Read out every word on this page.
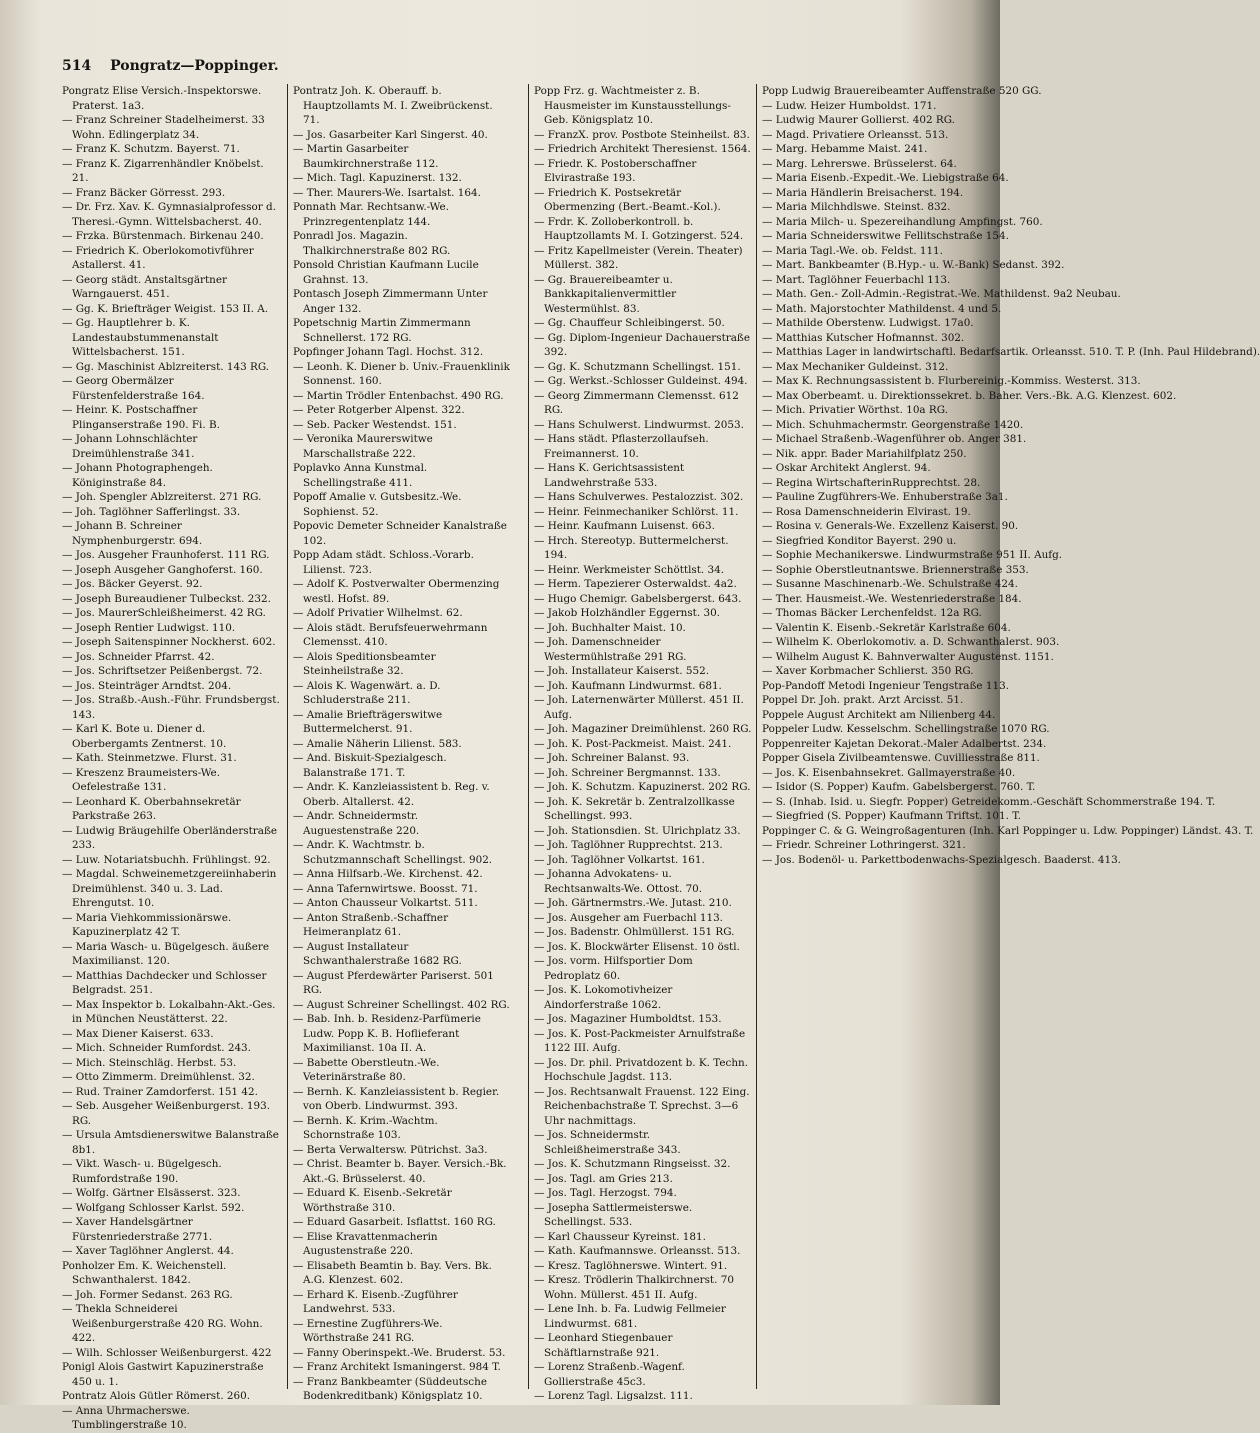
514 Pongratz—Poppinger.
Pongratz Elise Versich.-Inspektorswe. Praterst. 1a3.
— Franz Schreiner Stadelheimerst. 33 Wohn. Edlingerplatz 34.
— Franz K. Schutzm. Bayerst. 71.
— Franz K. Zigarrenhändler Knöbelst. 21.
— Franz Bäcker Görresst. 293.
— Dr. Frz. Xav. K. Gymnasialprofessor d. Theresi.-Gymn. Wittelsbacherst. 40.
— Frzka. Bürstenmach. Birkenau 240.
— Friedrich K. Oberlokomotivführer Astallerst. 41.
— Georg städt. Anstaltsgärtner Warngauerst. 451.
— Gg. K. Briefträger Weigist. 153 II. A.
— Gg. Hauptlehrer b. K. Landestaubstummenanstalt Wittelsbacherst. 151.
— Gg. Maschinist Ablzreiterst. 143 RG.
— Georg Obermälzer Fürstenfelderstraße 164.
— Heinr. K. Postschaffner Plinganserstraße 190. Fi. B.
— Johann Lohnschlächter Dreimühlenstraße 341.
— Johann Photographengeh. Königinstraße 84.
— Joh. Spengler Ablzreiterst. 271 RG.
— Joh. Taglöhner Safferlingst. 33.
— Johann B. Schreiner Nymphenburgerstr. 694.
— Jos. Ausgeher Fraunhoferst. 111 RG.
— Joseph Ausgeher Ganghoferst. 160.
— Jos. Bäcker Geyerst. 92.
— Joseph Bureaudiener Tulbeckst. 232.
— Jos. MaurerSchleißheimerst. 42 RG.
— Joseph Rentier Ludwigst. 110.
— Joseph Saitenspinner Nockherst. 602.
— Jos. Schneider Pfarrst. 42.
— Jos. Schriftsetzer Peißenbergst. 72.
— Jos. Steinträger Arndtst. 204.
— Jos. Straßb.-Aush.-Führ. Frundsbergst. 143.
— Karl K. Bote u. Diener d. Oberbergamts Zentnerst. 10.
— Kath. Steinmetzwe. Flurst. 31.
— Kreszenz Braumeisters-We. Oefelestraße 131.
— Leonhard K. Oberbahnsekretär Parkstraße 263.
— Ludwig Bräugehilfe Oberländerstraße 233.
— Luw. Notariatsbuchh. Frühlingst. 92.
— Magdal. Schweinemetzgereiinhaberin Dreimühlenst. 340 u. 3. Lad. Ehrengutst. 10.
— Maria Viehkommissionärswe. Kapuzinerplatz 42 T.
— Maria Wasch- u. Bügelgesch. äußere Maximilianst. 120.
— Matthias Dachdecker und Schlosser Belgradst. 251.
— Max Inspektor b. Lokalbahn-Akt.-Ges. in München Neustätterst. 22.
— Max Diener Kaiserst. 633.
— Mich. Schneider Rumfordst. 243.
— Mich. Steinschläg. Herbst. 53.
— Otto Zimmerm. Dreimühlenst. 32.
— Rud. Trainer Zamdorferst. 151 42.
— Seb. Ausgeher Weißenburgerst. 193. RG.
— Ursula Amtsdienerswitwe Balanstraße 8b1.
— Vikt. Wasch- u. Bügelgesch. Rumfordstraße 190.
— Wolfg. Gärtner Elsässerst. 323.
— Wolfgang Schlosser Karlst. 592.
— Xaver Handelsgärtner Fürstenriederstraße 2771.
— Xaver Taglöhner Anglerst. 44.
Ponholzer Em. K. Weichenstell. Schwanthalerst. 1842.
— Joh. Former Sedanst. 263 RG.
— Thekla Schneiderei Weißenburgerstraße 420 RG. Wohn. 422.
— Wilh. Schlosser Weißenburgerst. 422
Ponigl Alois Gastwirt Kapuzinerstraße 450 u. 1.
Pontratz Alois Gütler Römerst. 260.
— Anna Uhrmacherswe. Tumblingerstraße 10.
Pontratz Joh. K. Oberauff. b. Hauptzollamts M. I. Zweibrückenst. 71.
— Jos. Gasarbeiter Karl Singerst. 40.
— Martin Gasarbeiter Baumkirchnerstraße 112.
— Mich. Tagl. Kapuzinerst. 132.
— Ther. Maurers-We. Isartalst. 164.
Ponnath Mar. Rechtsanw.-We. Prinzregentenplatz 144.
Ponradl Jos. Magazin. Thalkirchnerstraße 802 RG.
Ponsold Christian Kaufmann Lucile Grahnst. 13.
Pontasch Joseph Zimmermann Unter Anger 132.
Popetschnig Martin Zimmermann Schnellerst. 172 RG.
Popfinger Johann Tagl. Hochst. 312.
— Leonh. K. Diener b. Univ.-Frauenklinik Sonnenst. 160.
— Martin Trödler Entenbachst. 490 RG.
— Peter Rotgerber Alpenst. 322.
— Seb. Packer Westendst. 151.
— Veronika Maurerswitwe Marschallstraße 222.
Poplavko Anna Kunstmal. Schellingstraße 411.
Popoff Amalie v. Gutsbesitz.-We. Sophienst. 52.
Popovic Demeter Schneider Kanalstraße 102.
Popp Adam städt. Schloss.-Vorarb. Lilienst. 723.
— Adolf K. Postverwalter Obermenzing westl. Hofst. 89.
— Adolf Privatier Wilhelmst. 62.
— Alois städt. Berufsfeuerwehrmann Clemensst. 410.
— Alois Speditionsbeamter Steinheilstraße 32.
— Alois K. Wagenwärt. a. D. Schluderstraße 211.
— Amalie Briefträgerswitwe Buttermelcherst. 91.
— Amalie Näherin Lilienst. 583.
— And. Biskuit-Spezialgesch. Balanstraße 171. T.
— Andr. K. Kanzleiassistent b. Reg. v. Oberb. Altallerst. 42.
— Andr. Schneidermstr. Auguestenstraße 220.
— Andr. K. Wachtmstr. b. Schutzmannschaft Schellingst. 902.
— Anna Hilfsarb.-We. Kirchenst. 42.
— Anna Tafernwirtswe. Boosst. 71.
— Anton Chausseur Volkartst. 511.
— Anton Straßenb.-Schaffner Heimeranplatz 61.
— August Installateur Schwanthalerstraße 1682 RG.
— August Pferdewärter Pariserst. 501 RG.
— August Schreiner Schellingst. 402 RG.
— Bab. Inh. b. Residenz-Parfümerie Ludw. Popp K. B. Hoflieferant Maximilianst. 10a II. A.
— Babette Oberstleutn.-We. Veterinärstraße 80.
— Bernh. K. Kanzleiassistent b. Regier. von Oberb. Lindwurmst. 393.
— Bernh. K. Krim.-Wachtm. Schornstraße 103.
— Berta Verwaltersw. Pütrichst. 3a3.
— Christ. Beamter b. Bayer. Versich.-Bk. Akt.-G. Brüsselerst. 40.
— Eduard K. Eisenb.-Sekretär Wörthstraße 310.
— Eduard Gasarbeit. Isflattst. 160 RG.
— Elise Kravattenmacherin Augustenstraße 220.
— Elisabeth Beamtin b. Bay. Vers. Bk. A.G. Klenzest. 602.
— Erhard K. Eisenb.-Zugführer Landwehrst. 533.
— Ernestine Zugführers-We. Wörthstraße 241 RG.
— Fanny Oberinspekt.-We. Bruderst. 53.
— Franz Architekt Ismaningerst. 984 T.
— Franz Bankbeamter (Süddeutsche Bodenkreditbank) Königsplatz 10.
Popp Frz. g. Wachtmeister z. B. Hausmeister im Kunstausstellungs-Geb. Königsplatz 10.
— FranzX. prov. Postbote Steinheilst. 83.
— Friedrich Architekt Theresienst. 1564.
— Friedr. K. Postoberschaffner Elvirastraße 193.
— Friedrich K. Postsekretär Obermenzing (Bert.-Beamt.-Kol.).
— Frdr. K. Zolloberkontroll. b. Hauptzollamts M. I. Gotzingerst. 524.
— Fritz Kapellmeister (Verein. Theater) Müllerst. 382.
— Gg. Brauereibeamter u. Bankkapitalienvermittler Westermühlst. 83.
— Gg. Chauffeur Schleibingerst. 50.
— Gg. Diplom-Ingenieur Dachauerstraße 392.
— Gg. K. Schutzmann Schellingst. 151.
— Gg. Werkst.-Schlosser Guldeinst. 494.
— Georg Zimmermann Clemensst. 612 RG.
— Hans Schulwerst. Lindwurmst. 2053.
— Hans städt. Pflasterzollaufseh. Freimannerst. 10.
— Hans K. Gerichtsassistent Landwehrstraße 533.
— Hans Schulverwes. Pestalozzist. 302.
— Heinr. Feinmechaniker Schlörst. 11.
— Heinr. Kaufmann Luisenst. 663.
— Hrch. Stereotyp. Buttermelcherst. 194.
— Heinr. Werkmeister Schöttlst. 34.
— Herm. Tapezierer Osterwaldst. 4a2.
— Hugo Chemigr. Gabelsbergerst. 643.
— Jakob Holzhändler Eggernst. 30.
— Joh. Buchhalter Maist. 10.
— Joh. Damenschneider Westermühlstraße 291 RG.
— Joh. Installateur Kaiserst. 552.
— Joh. Kaufmann Lindwurmst. 681.
— Joh. Laternenwärter Müllerst. 451 II. Aufg.
— Joh. Magaziner Dreimühlenst. 260 RG.
— Joh. K. Post-Packmeist. Maist. 241.
— Joh. Schreiner Balanst. 93.
— Joh. Schreiner Bergmannst. 133.
— Joh. K. Schutzm. Kapuzinerst. 202 RG.
— Joh. K. Sekretär b. Zentralzollkasse Schellingst. 993.
— Joh. Stationsdien. St. Ulrichplatz 33.
— Joh. Taglöhner Rupprechtst. 213.
— Joh. Taglöhner Volkartst. 161.
— Johanna Advokatens- u. Rechtsanwalts-We. Ottost. 70.
— Joh. Gärtnermstrs.-We. Jutast. 210.
— Jos. Ausgeher am Fuerbachl 113.
— Jos. Badenstr. Ohlmüllerst. 151 RG.
— Jos. K. Blockwärter Elisenst. 10 östl.
— Jos. vorm. Hilfsportier Dom Pedroplatz 60.
— Jos. K. Lokomotivheizer Aindorferstraße 1062.
— Jos. Magaziner Humboldtst. 153.
— Jos. K. Post-Packmeister Arnulfstraße 1122 III. Aufg.
— Jos. Dr. phil. Privatdozent b. K. Techn. Hochschule Jagdst. 113.
— Jos. Rechtsanwalt Frauenst. 122 Eing. Reichenbachstraße T. Sprechst. 3—6 Uhr nachmittags.
— Jos. Schneidermstr. Schleißheimerstraße 343.
— Jos. K. Schutzmann Ringseisst. 32.
— Jos. Tagl. am Gries 213.
— Jos. Tagl. Herzogst. 794.
— Josepha Sattlermeisterswe. Schellingst. 533.
— Karl Chausseur Kyreinst. 181.
— Kath. Kaufmannswe. Orleansst. 513.
— Kresz. Taglöhnerswe. Wintert. 91.
— Kresz. Trödlerin Thalkirchnerst. 70 Wohn. Müllerst. 451 II. Aufg.
— Lene Inh. b. Fa. Ludwig Fellmeier Lindwurmst. 681.
— Leonhard Stiegenbauer Schäftlarnstraße 921.
— Lorenz Straßenb.-Wagenf. Gollierstraße 45c3.
— Lorenz Tagl. Ligsalzst. 111.
Popp Ludwig Brauereibeamter Auffenstraße 520 GG.
— Ludw. Heizer Humboldst. 171.
— Ludwig Maurer Gollierst. 402 RG.
— Magd. Privatiere Orleansst. 513.
— Marg. Hebamme Maist. 241.
— Marg. Lehrerswe. Brüsselerst. 64.
— Maria Eisenb.-Expedit.-We. Liebigstraße 64.
— Maria Händlerin Breisacherst. 194.
— Maria Milchhdlswe. Steinst. 832.
— Maria Milch- u. Spezereihandlung Ampfingst. 760.
— Maria Schneiderswitwe Fellitschstraße 154.
— Maria Tagl.-We. ob. Feldst. 111.
— Mart. Bankbeamter (B.Hyp.- u. W.-Bank) Sedanst. 392.
— Mart. Taglöhner Feuerbachl 113.
— Math. Gen.- Zoll-Admin.-Registrat.-We. Mathildenst. 9a2 Neubau.
— Math. Majorstochter Mathildenst. 4 und 5.
— Mathilde Oberstenw. Ludwigst. 17a0.
— Matthias Kutscher Hofmannst. 302.
— Matthias Lager in landwirtschaftl. Bedarfsartik. Orleansst. 510. T. P. (Inh. Paul Hildebrand).
— Max Mechaniker Guldeinst. 312.
— Max K. Rechnungsassistent b. Flurbereinig.-Kommiss. Westerst. 313.
— Max Oberbeamt. u. Direktionssekret. b. Baher. Vers.-Bk. A.G. Klenzest. 602.
— Mich. Privatier Wörthst. 10a RG.
— Mich. Schuhmachermstr. Georgenstraße 1420.
— Michael Straßenb.-Wagenführer ob. Anger 381.
— Nik. appr. Bader Mariahilfplatz 250.
— Oskar Architekt Anglerst. 94.
— Regina WirtschafterinRupprechtst. 28.
— Pauline Zugführers-We. Enhuberstraße 3a1.
— Rosa Damenschneiderin Elvirast. 19.
— Rosina v. Generals-We. Exzellenz Kaiserst. 90.
— Siegfried Konditor Bayerst. 290 u.
— Sophie Mechanikerswe. Lindwurmstraße 951 II. Aufg.
— Sophie Oberstleutnantswe. Briennerstraße 353.
— Susanne Maschinenarb.-We. Schulstraße 424.
— Ther. Hausmeist.-We. Westenriederstraße 184.
— Thomas Bäcker Lerchenfeldst. 12a RG.
— Valentin K. Eisenb.-Sekretär Karlstraße 604.
— Wilhelm K. Oberlokomotiv. a. D. Schwanthalerst. 903.
— Wilhelm August K. Bahnverwalter Augustenst. 1151.
— Xaver Korbmacher Schlierst. 350 RG.
Pop-Pandoff Metodi Ingenieur Tengstraße 113.
Poppel Dr. Joh. prakt. Arzt Arcisst. 51.
Poppele August Architekt am Nilienberg 44.
Poppeler Ludw. Kesselschm. Schellingstraße 1070 RG.
Poppenreiter Kajetan Dekorat.-Maler Adalbertst. 234.
Popper Gisela Zivilbeamtenswe. Cuvilliesstraße 811.
— Jos. K. Eisenbahnsekret. Gallmayerstraße 40.
— Isidor (S. Popper) Kaufm. Gabelsbergerst. 760. T.
— S. (Inhab. Isid. u. Siegfr. Popper) Getreidekomm.-Geschäft Schommerstraße 194. T.
— Siegfried (S. Popper) Kaufmann Triftst. 101. T.
Poppinger C. & G. Weingroßagenturen (Inh. Karl Poppinger u. Ldw. Poppinger) Ländst. 43. T.
— Friedr. Schreiner Lothringerst. 321.
— Jos. Bodenöl- u. Parkettbodenwachs-Spezialgesch. Baaderst. 413.
